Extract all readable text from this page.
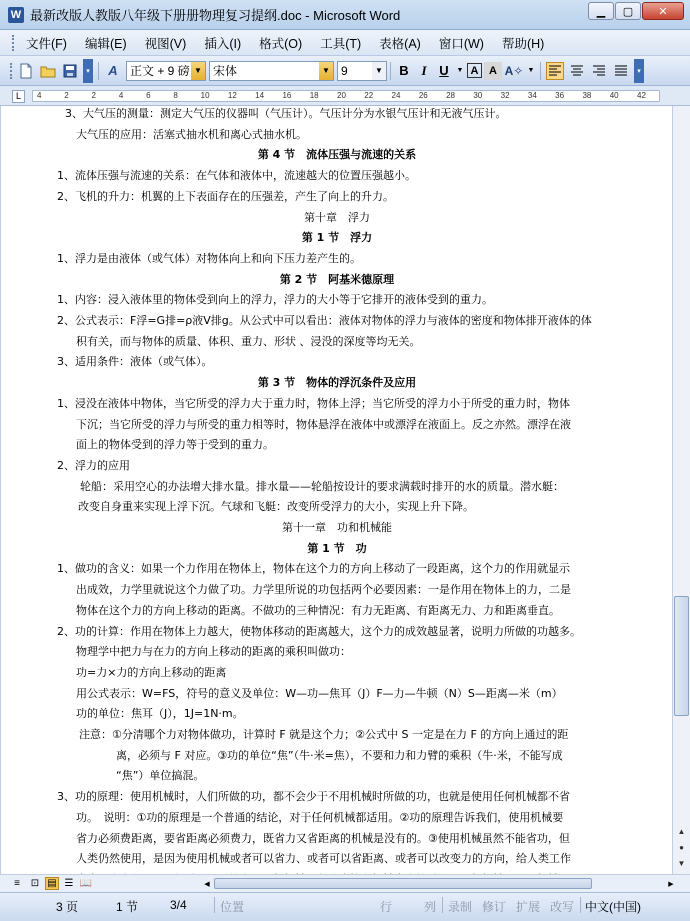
W 最新改版人教版八年级下册册物理复习提纲.doc - Microsoft Word	▁ ▢ ✕
文件(F)	编辑(E)	视图(V)	插入(I)	格式(O)	工具(T)	表格(A)	窗口(W)	帮助(H)
▾ A 正文 + 9 磅 ▼ 宋体	▼ 9	▼	B I U	▼ A A A✧ ▼	▾
L	4	2	2	4	6	8	10 12 14 16 18 20 22 24 26 28 30 32 34 36 38 40 42
3、大气压的测量：测定大气压的仪器叫（气压计）。气压计分为水银气压计和无液气压计。
大气压的应用：活塞式抽水机和离心式抽水机。
第 4 节　流体压强与流速的关系
1、流体压强与流速的关系：在气体和液体中，流速越大的位置压强越小。
2、飞机的升力：机翼的上下表面存在的压强差，产生了向上的升力。
第十章　浮力
第 1 节　浮力
1、浮力是由液体（或气体）对物体向上和向下压力差产生的。
第 2 节　阿基米德原理
1、内容：浸入液体里的物体受到向上的浮力，浮力的大小等于它排开的液体受到的重力。
2、公式表示：F浮=G排=ρ液V排g。从公式中可以看出：液体对物体的浮力与液体的密度和物体排开液体的体
积有关，而与物体的质量、体积、重力、形状 、浸没的深度等均无关。
3、适用条件：液体（或气体）。
第 3 节　物体的浮沉条件及应用
1、浸没在液体中物体，当它所受的浮力大于重力时，物体上浮；当它所受的浮力小于所受的重力时，物体
下沉；当它所受的浮力与所受的重力相等时，物体悬浮在液体中或漂浮在液面上。反之亦然。漂浮在液
面上的物体受到的浮力等于受到的重力。
2、浮力的应用
轮船：采用空心的办法增大排水量。排水量——轮船按设计的要求满载时排开的水的质量。潜水艇：
改变自身重来实现上浮下沉。气球和飞艇：改变所受浮力的大小，实现上升下降。
第十一章　功和机械能
第 1 节　功
1、做功的含义：如果一个力作用在物体上，物体在这个力的方向上移动了一段距离，这个力的作用就显示
出成效，力学里就说这个力做了功。力学里所说的功包括两个必要因素：一是作用在物体上的力，二是
物体在这个力的方向上移动的距离。不做功的三种情况：有力无距离、有距离无力、力和距离垂直。
2、功的计算：作用在物体上力越大，使物体移动的距离越大，这个力的成效越显著，说明力所做的功越多。
物理学中把力与在力的方向上移动的距离的乘积叫做功：
功=力×力的方向上移动的距离
用公式表示：W=FS，符号的意义及单位：W—功—焦耳（J）F—力—牛顿（N）S—距离—米（m）
功的单位：焦耳（J），1J=1N·m。
注意：①分清哪个力对物体做功，计算时 F 就是这个力；②公式中 S 一定是在力 F 的方向上通过的距
离，必须与 F 对应。③功的单位“焦”（牛·米=焦），不要和力和力臂的乘积（牛·米，不能写成
“焦”）单位搞混。
3、功的原理：使用机械时，人们所做的功，都不会少于不用机械时所做的功，也就是使用任何机械都不省
功。　说明：①功的原理是一个普通的结论，对于任何机械都适用。②功的原理告诉我们，使用机械要
省力必须费距离，要省距离必须费力，既省力又省距离的机械是没有的。③使用机械虽然不能省功，但
人类仍然使用，是因为使用机械或者可以省力、或者可以省距离、或者可以改变力的方向，给人类工作
▲
●
▼
≡	⊡ ▤ ☰ 📖	◀	▶
3 页	1 节	3/4	位置	行	列 录制 修订 扩展 改写 中文(中国)
